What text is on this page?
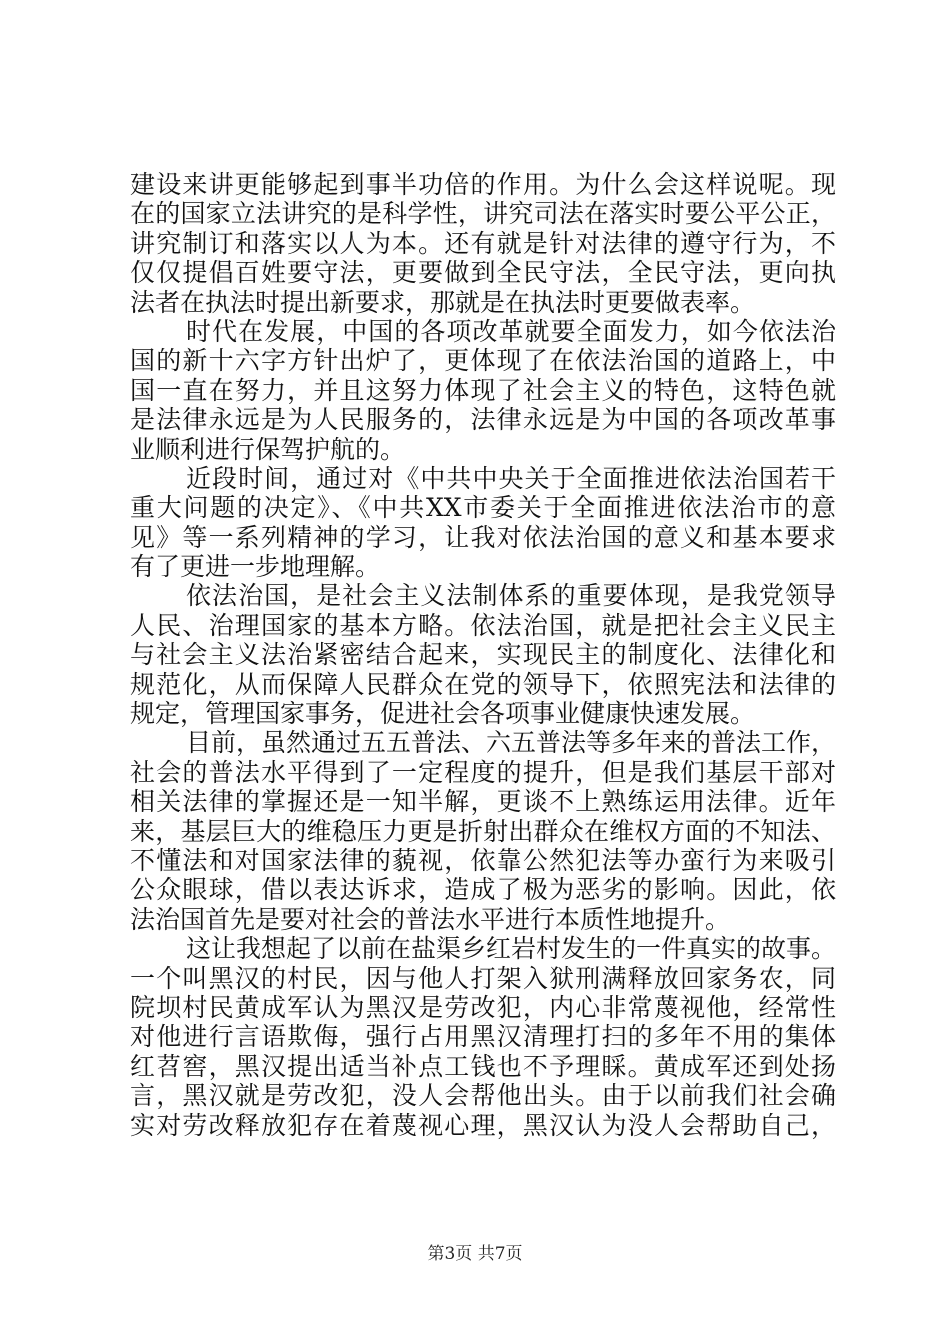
建设来讲更能够起到事半功倍的作用。为什么会这样说呢。现
在的国家立法讲究的是科学性，讲究司法在落实时要公平公正，
讲究制订和落实以人为本。还有就是针对法律的遵守行为，不
仅仅提倡百姓要守法，更要做到全民守法，全民守法，更向执
法者在执法时提出新要求，那就是在执法时更要做表率。
时代在发展，中国的各项改革就要全面发力，如今依法治
国的新十六字方针出炉了，更体现了在依法治国的道路上，中
国一直在努力，并且这努力体现了社会主义的特色，这特色就
是法律永远是为人民服务的，法律永远是为中国的各项改革事
业顺利进行保驾护航的。
近段时间，通过对《中共中央关于全面推进依法治国若干
重大问题的决定》、《中共XX市委关于全面推进依法治市的意
见》等一系列精神的学习，让我对依法治国的意义和基本要求
有了更进一步地理解。
依法治国，是社会主义法制体系的重要体现，是我党领导
人民、治理国家的基本方略。依法治国，就是把社会主义民主
与社会主义法治紧密结合起来，实现民主的制度化、法律化和
规范化，从而保障人民群众在党的领导下，依照宪法和法律的
规定，管理国家事务，促进社会各项事业健康快速发展。
目前，虽然通过五五普法、六五普法等多年来的普法工作，
社会的普法水平得到了一定程度的提升，但是我们基层干部对
相关法律的掌握还是一知半解，更谈不上熟练运用法律。近年
来，基层巨大的维稳压力更是折射出群众在维权方面的不知法、
不懂法和对国家法律的藐视，依靠公然犯法等办蛮行为来吸引
公众眼球，借以表达诉求，造成了极为恶劣的影响。因此，依
法治国首先是要对社会的普法水平进行本质性地提升。
这让我想起了以前在盐渠乡红岩村发生的一件真实的故事。
一个叫黑汉的村民，因与他人打架入狱刑满释放回家务农，同
院坝村民黄成军认为黑汉是劳改犯，内心非常蔑视他，经常性
对他进行言语欺侮，强行占用黑汉清理打扫的多年不用的集体
红苕窖，黑汉提出适当补点工钱也不予理睬。黄成军还到处扬
言，黑汉就是劳改犯，没人会帮他出头。由于以前我们社会确
实对劳改释放犯存在着蔑视心理，黑汉认为没人会帮助自己，
第3页 共7页
